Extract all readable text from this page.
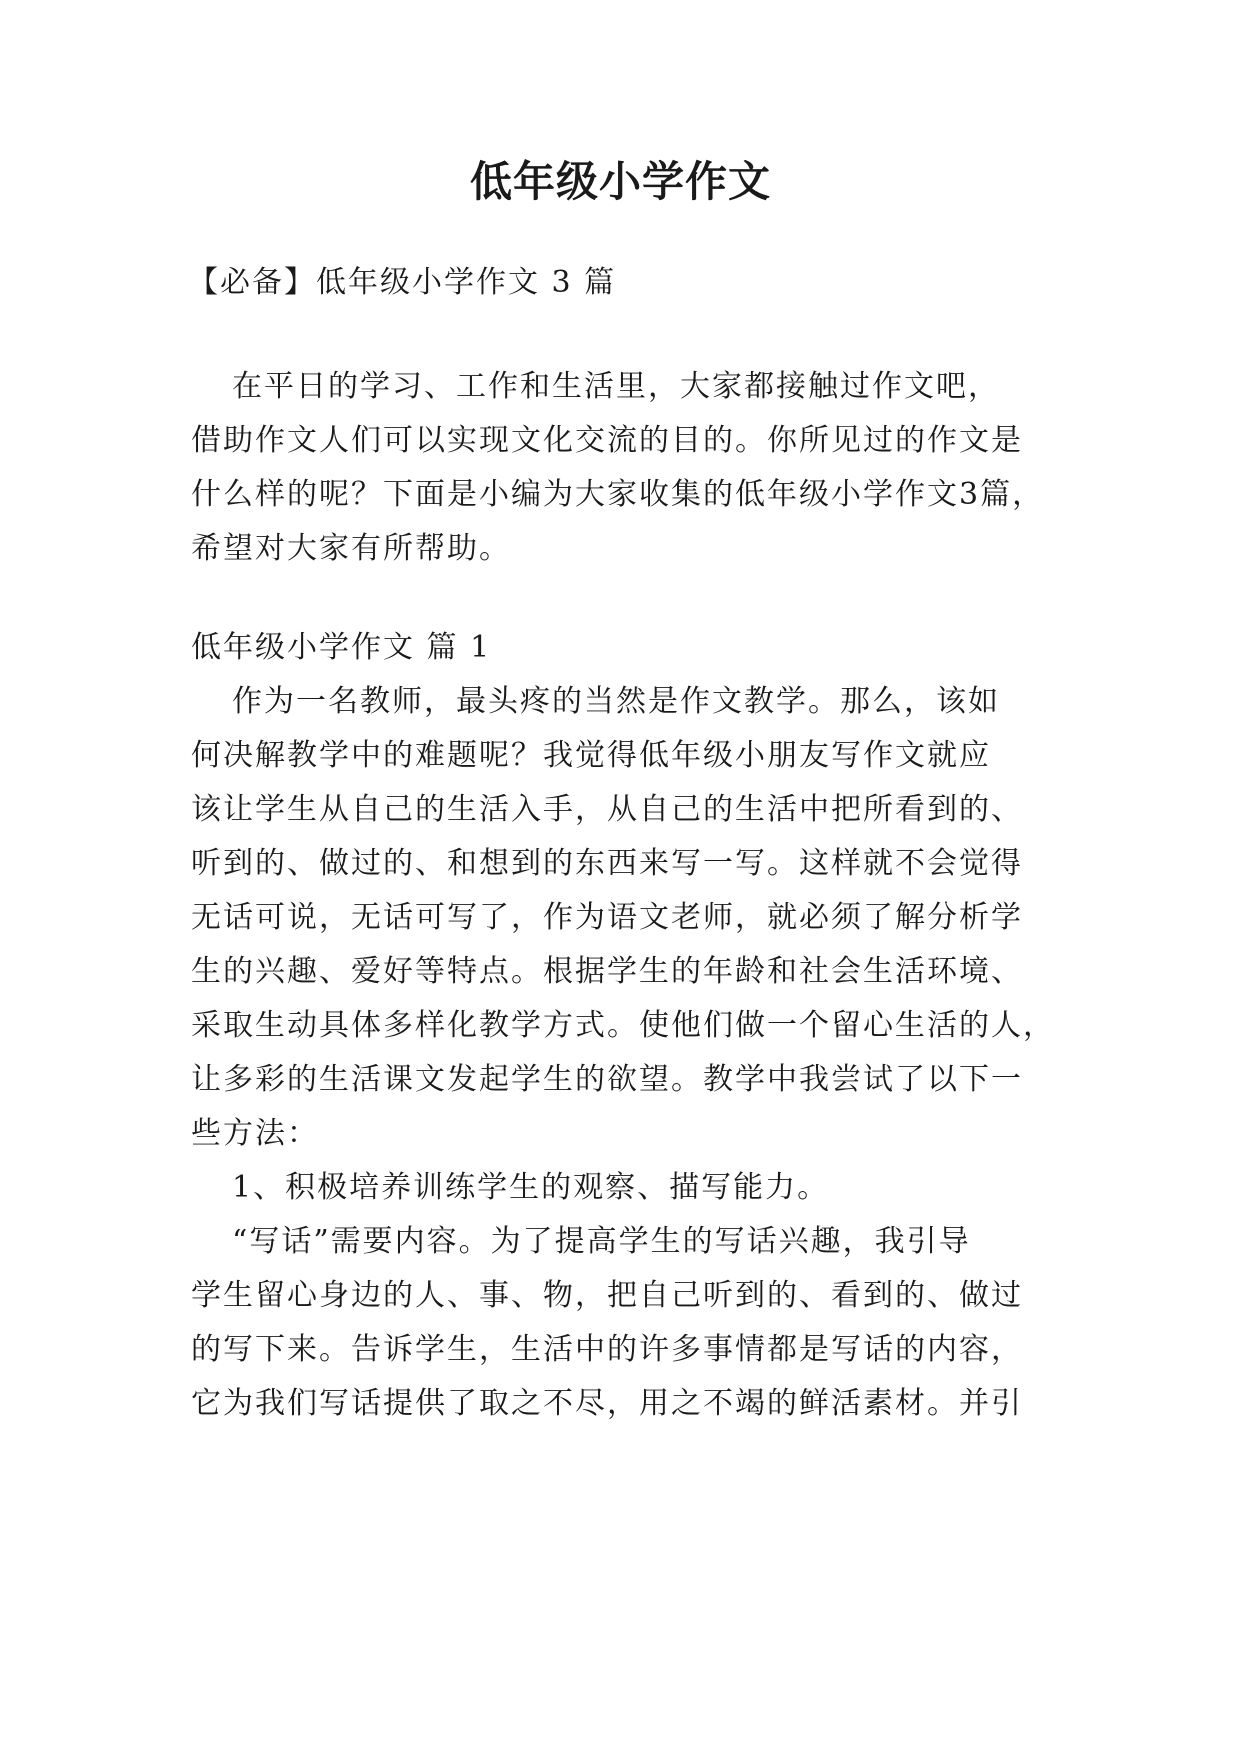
低年级小学作文
【必备】低年级小学作文 3 篇
在平日的学习、工作和生活里，大家都接触过作文吧，
借助作文人们可以实现文化交流的目的。你所见过的作文是
什么样的呢？下面是小编为大家收集的低年级小学作文3篇，
希望对大家有所帮助。
低年级小学作文 篇 1
作为一名教师，最头疼的当然是作文教学。那么，该如
何决解教学中的难题呢？我觉得低年级小朋友写作文就应
该让学生从自己的生活入手，从自己的生活中把所看到的、
听到的、做过的、和想到的东西来写一写。这样就不会觉得
无话可说，无话可写了，作为语文老师，就必须了解分析学
生的兴趣、爱好等特点。根据学生的年龄和社会生活环境、
采取生动具体多样化教学方式。使他们做一个留心生活的人，
让多彩的生活课文发起学生的欲望。教学中我尝试了以下一
些方法：
1、积极培养训练学生的观察、描写能力。
“写话”需要内容。为了提高学生的写话兴趣，我引导
学生留心身边的人、事、物，把自己听到的、看到的、做过
的写下来。告诉学生，生活中的许多事情都是写话的内容，
它为我们写话提供了取之不尽，用之不竭的鲜活素材。并引
